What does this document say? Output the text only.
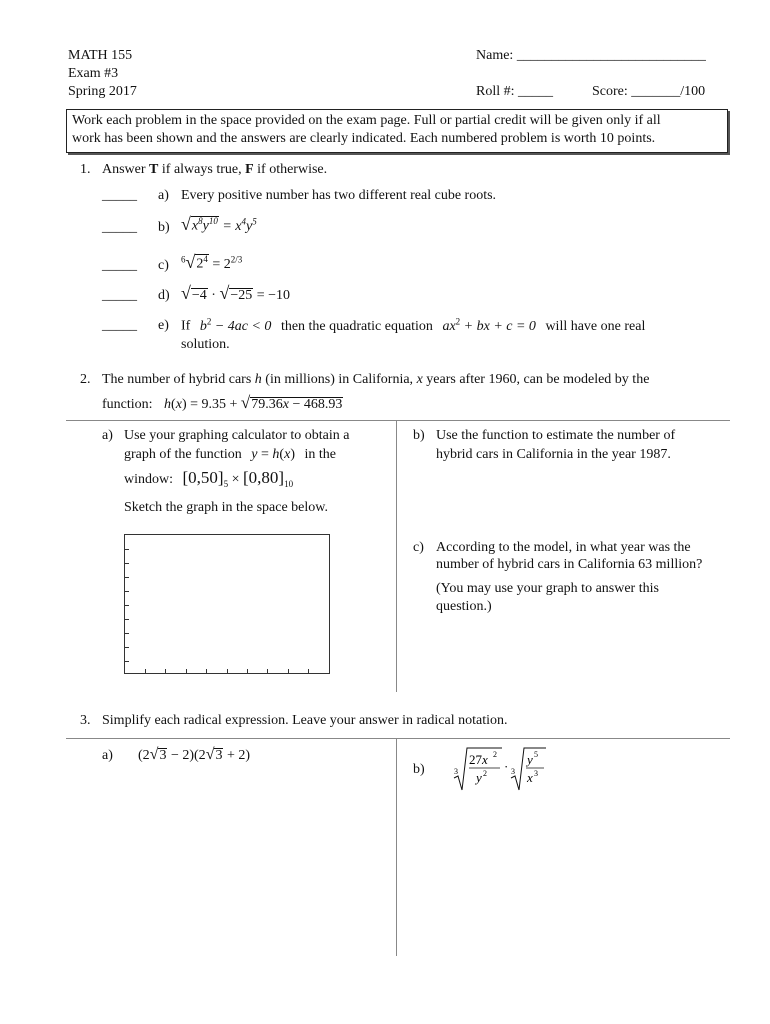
MATH 155
Exam #3
Spring 2017
Name: ___________________________
Roll #: _____	Score: _______/100
Work each problem in the space provided on the exam page. Full or partial credit will be given only if all
work has been shown and the answers are clearly indicated. Each numbered problem is worth 10 points.
1. Answer T if always true, F if otherwise.
_____ a) Every positive number has two different real cube roots.
_____ b) $√x^8y^{10} = x^4y^5$
_____ c) $^6√2^4 = 2^{2/3}$
_____ d) √−4 · √−25 = −10
_____ e) If $b^2 - 4ac < 0$ then the quadratic equation $ax^2$ + bx + c = 0 will have one real
solution.
2. The number of hybrid cars h (in millions) in California, x years after 1960, can be modeled by the
function: h(x) = 9.35 + √79.36x − 468.93
a) Use your graphing calculator to obtain a
graph of the function y = h(x) in the
window: $[0,50]_5 \times [0,80]_{10}$
Sketch the graph in the space below.
b) Use the function to estimate the number of
hybrid cars in California in the year 1987.
c) According to the model, in what year was the
number of hybrid cars in California 63 million?
(You may use your graph to answer this
question.)
3. Simplify each radical expression. Leave your answer in radical notation.
a) (2√3 − 2)(2√3 + 2)
b)	3
27x 2
y 2 · 3
y 5
x 3
